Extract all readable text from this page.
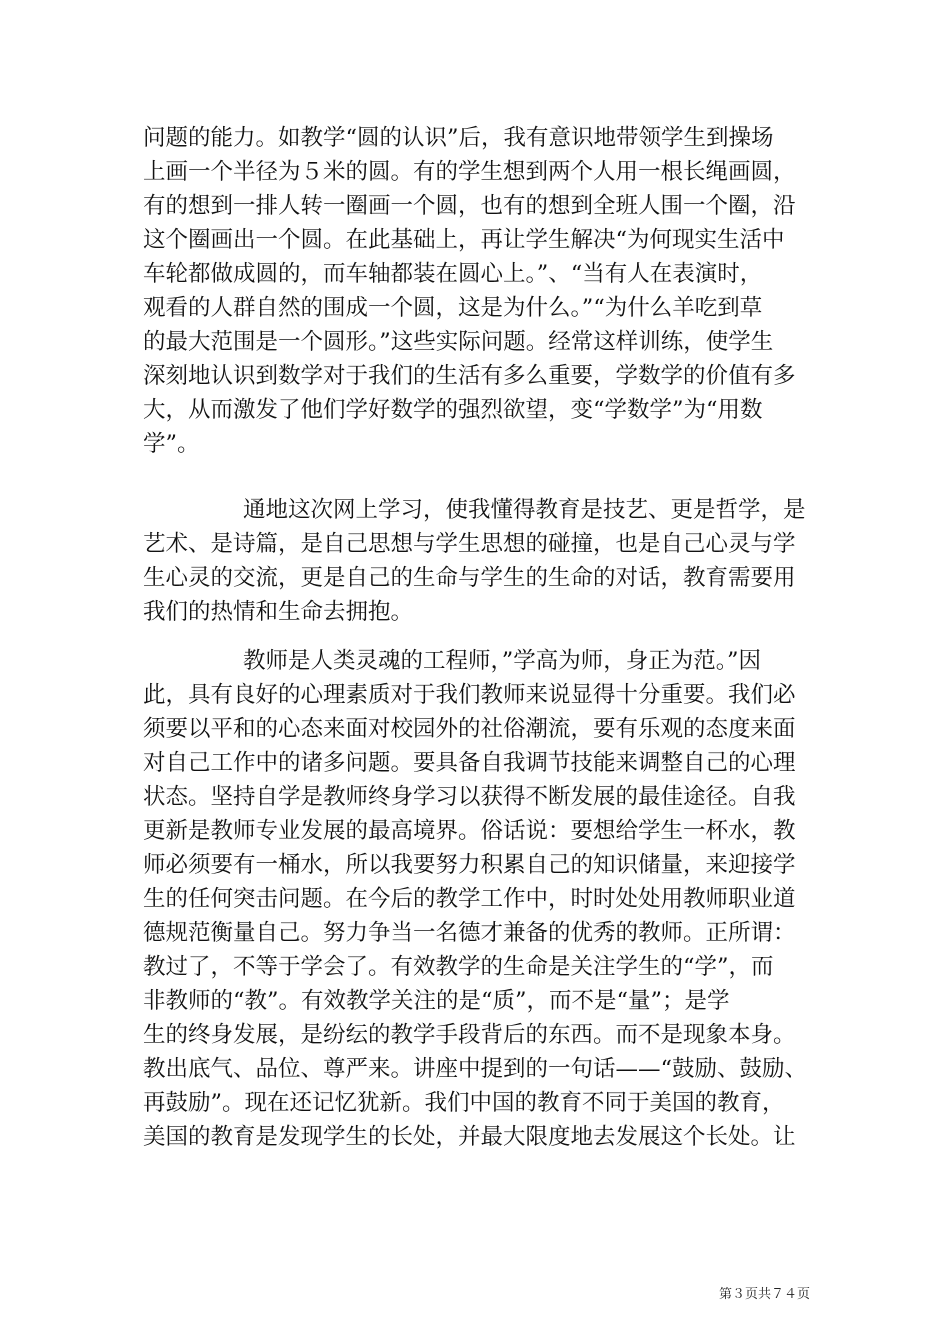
问题的能力。如教学“圆的认识”后，我有意识地带领学生到操场
上画一个半径为５米的圆。有的学生想到两个人用一根长绳画圆，
有的想到一排人转一圈画一个圆，也有的想到全班人围一个圈，沿
这个圈画出一个圆。在此基础上，再让学生解决“为何现实生活中
车轮都做成圆的，而车轴都装在圆心上。”、“当有人在表演时，
观看的人群自然的围成一个圆，这是为什么。”“为什么羊吃到草
的最大范围是一个圆形。”这些实际问题。经常这样训练，使学生
深刻地认识到数学对于我们的生活有多么重要，学数学的价值有多
大，从而激发了他们学好数学的强烈欲望，变“学数学”为“用数
学”。
通地这次网上学习，使我懂得教育是技艺、更是哲学，是
艺术、是诗篇，是自己思想与学生思想的碰撞，也是自己心灵与学
生心灵的交流，更是自己的生命与学生的生命的对话，教育需要用
我们的热情和生命去拥抱。
教师是人类灵魂的工程师，”学高为师，身正为范。”因
此，具有良好的心理素质对于我们教师来说显得十分重要。我们必
须要以平和的心态来面对校园外的社俗潮流，要有乐观的态度来面
对自己工作中的诸多问题。要具备自我调节技能来调整自己的心理
状态。坚持自学是教师终身学习以获得不断发展的最佳途径。自我
更新是教师专业发展的最高境界。俗话说：要想给学生一杯水，教
师必须要有一桶水，所以我要努力积累自己的知识储量，来迎接学
生的任何突击问题。在今后的教学工作中，时时处处用教师职业道
德规范衡量自己。努力争当一名德才兼备的优秀的教师。正所谓：
教过了，不等于学会了。有效教学的生命是关注学生的“学”，而
非教师的“教”。有效教学关注的是“质”，而不是“量”；是学
生的终身发展，是纷纭的教学手段背后的东西。而不是现象本身。
教出底气、品位、尊严来。讲座中提到的一句话——“鼓励、鼓励、
再鼓励”。现在还记忆犹新。我们中国的教育不同于美国的教育，
美国的教育是发现学生的长处，并最大限度地去发展这个长处。让
第３页共７４页
